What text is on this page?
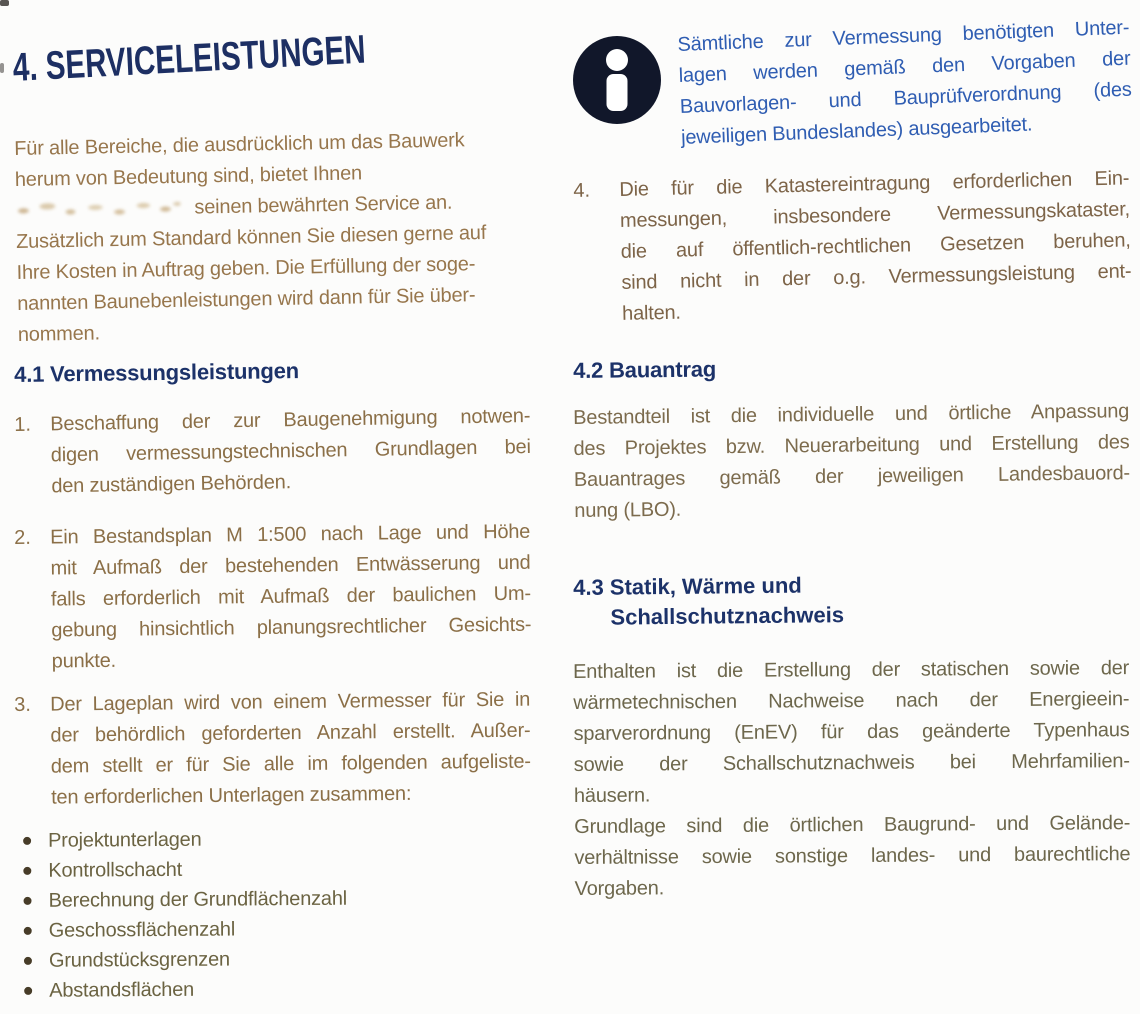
4. SERVICELEISTUNGEN
Für alle Bereiche, die ausdrücklich um das Bauwerk
herum von Bedeutung sind, bietet Ihnen
seinen bewährten Service an.
Zusätzlich zum Standard können Sie diesen gerne auf
Ihre Kosten in Auftrag geben. Die Erfüllung der soge-
nannten Baunebenleistungen wird dann für Sie über-
nommen.
4.1 Vermessungsleistungen
1. Beschaffung der zur Baugenehmigung notwen-
digen vermessungstechnischen Grundlagen bei
den zuständigen Behörden.
2. Ein Bestandsplan M 1:500 nach Lage und Höhe
mit Aufmaß der bestehenden Entwässerung und
falls erforderlich mit Aufmaß der baulichen Um-
gebung hinsichtlich planungsrechtlicher Gesichts-
punkte.
3. Der Lageplan wird von einem Vermesser für Sie in
der behördlich geforderten Anzahl erstellt. Außer-
dem stellt er für Sie alle im folgenden aufgeliste-
ten erforderlichen Unterlagen zusammen:
Projektunterlagen
Kontrollschacht
Berechnung der Grundflächenzahl
Geschossflächenzahl
Grundstücksgrenzen
Abstandsflächen
Sämtliche zur Vermessung benötigten Unter-
lagen werden gemäß den Vorgaben der
Bauvorlagen- und Bauprüfverordnung (des
jeweiligen Bundeslandes) ausgearbeitet.
4.	Die für die Katastereintragung erforderlichen Ein-
messungen, insbesondere Vermessungskataster,
die auf öffentlich-rechtlichen Gesetzen beruhen,
sind nicht in der o.g. Vermessungsleistung ent-
halten.
4.2 Bauantrag
Bestandteil ist die individuelle und örtliche Anpassung
des Projektes bzw. Neuerarbeitung und Erstellung des
Bauantrages gemäß der jeweiligen Landesbauord-
nung (LBO).
4.3 Statik, Wärme und
Schallschutznachweis
Enthalten ist die Erstellung der statischen sowie der
wärmetechnischen Nachweise nach der Energieein-
sparverordnung (EnEV) für das geänderte Typenhaus
sowie der Schallschutznachweis bei Mehrfamilien-
häusern.
Grundlage sind die örtlichen Baugrund- und Gelände-
verhältnisse sowie sonstige landes- und baurechtliche
Vorgaben.
